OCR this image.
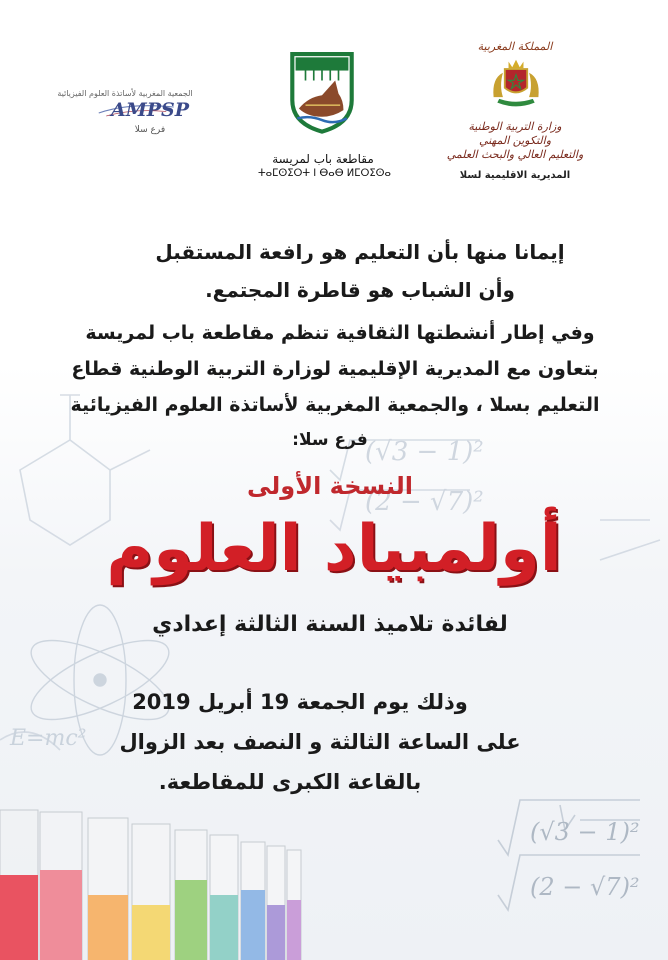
E=mc²
(√3 − 1)²
(2 − √7)²
(√3 − 1)²
(2 − √7)²
المملكة المغربية
وزارة التربية الوطنية
والتكوين المهني
والتعليم العالي والبحث العلمي
المديرية الاقليمية لسلا
مقاطعة باب لمريسة
ⵜⴰⵎⵙⵉⵔⵜ ⵏ ⴱⴰⴱ ⵍⵎⵔⵉⵙⴰ
الجمعية المغربية لأساتذة العلوم الفيزيائية
AMPSP
فرع سلا
إيمانا منها بأن التعليم هو رافعة المستقبل
وأن الشباب هو قاطرة المجتمع.
وفي إطار أنشطتها الثقافية تنظم مقاطعة باب لمريسة
بتعاون مع المديرية الإقليمية لوزارة التربية الوطنية قطاع
التعليم بسلا ، والجمعية المغربية لأساتذة العلوم الفيزيائية
فرع سلا:
النسخة الأولى
أولمبياد العلوم
لفائدة تلاميذ السنة الثالثة إعدادي
وذلك يوم الجمعة 19 أبريل 2019
على الساعة الثالثة و النصف بعد الزوال
بالقاعة الكبرى للمقاطعة.
